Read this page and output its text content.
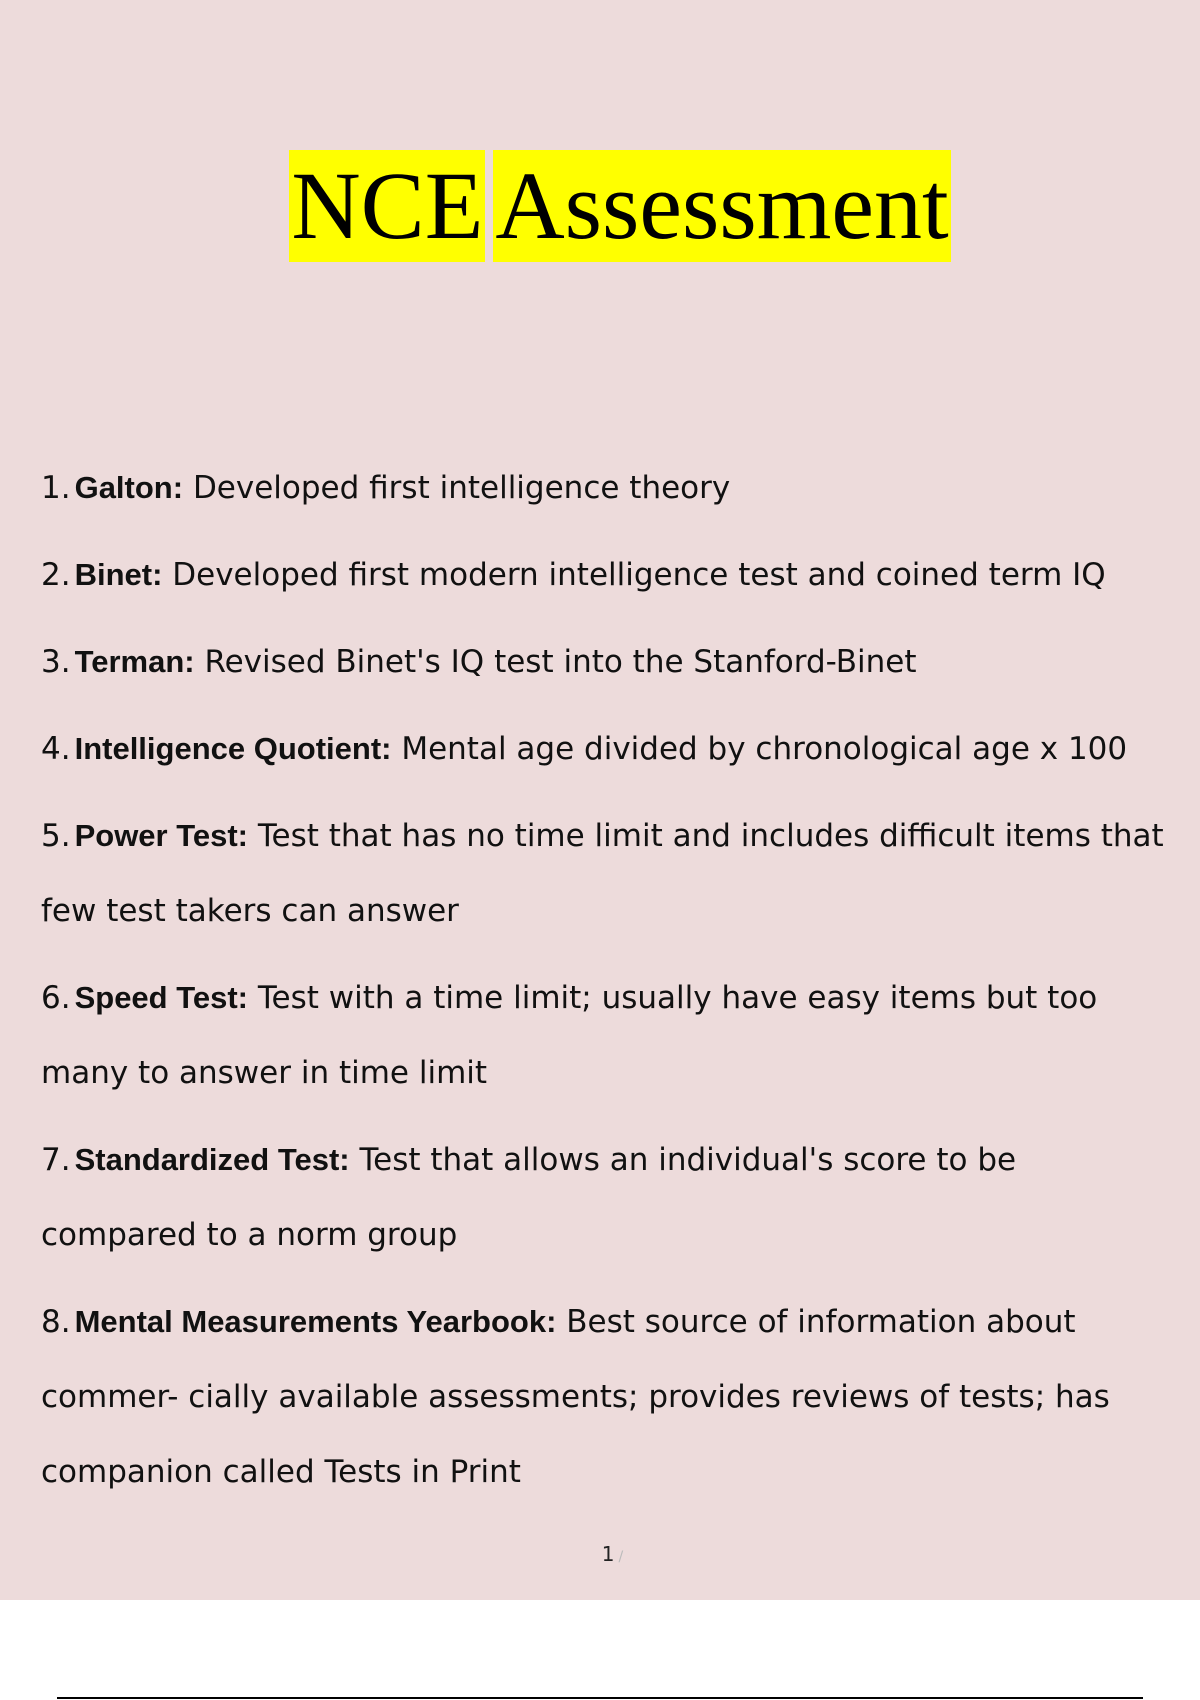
NCE Assessment
1. Galton: Developed first intelligence theory
2. Binet: Developed first modern intelligence test and coined term IQ
3. Terman: Revised Binet's IQ test into the Stanford-Binet
4. Intelligence Quotient: Mental age divided by chronological age x 100
5. Power Test: Test that has no time limit and includes difficult items that few test takers can answer
6. Speed Test: Test with a time limit; usually have easy items but too many to answer in time limit
7. Standardized Test: Test that allows an individual's score to be compared to a norm group
8. Mental Measurements Yearbook: Best source of information about commer- cially available assessments; provides reviews of tests; has companion called Tests in Print
1 /
